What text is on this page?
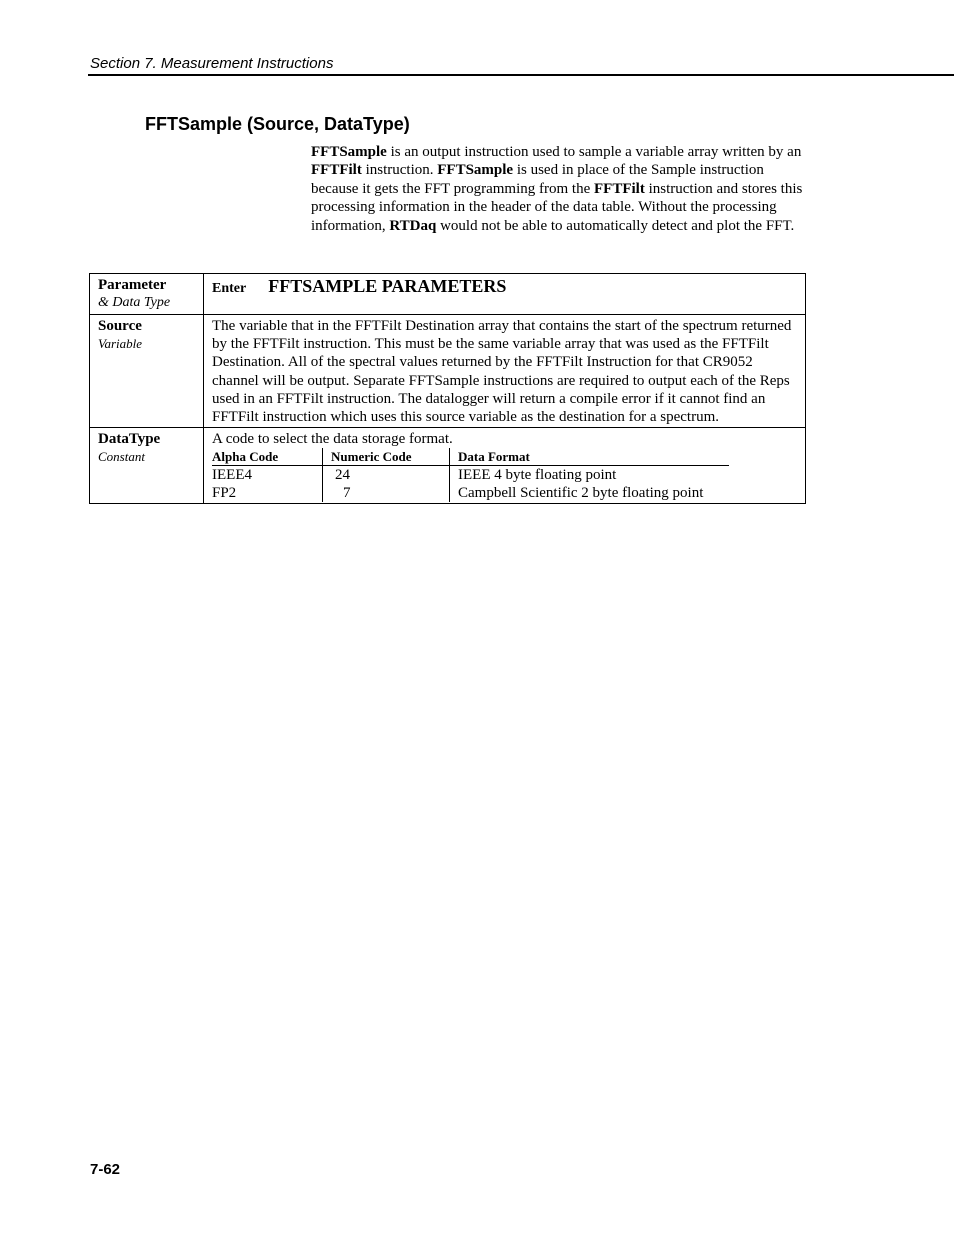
Section 7. Measurement Instructions
FFTSample (Source, DataType)

FFTSample is an output instruction used to sample a variable array written by an FFTFilt instruction. FFTSample is used in place of the Sample instruction because it gets the FFT programming from the FFTFilt instruction and stores this processing information in the header of the data table. Without the processing information, RTDaq would not be able to automatically detect and plot the FFT.

Parameter
& Data Type
	Enter FFTSAMPLE PARAMETERS

Source
Variable
	The variable that in the FFTFilt Destination array that contains the start of the spectrum returned by the FFTFilt instruction. This must be the same variable array that was used as the FFTFilt Destination. All of the spectral values returned by the FFTFilt Instruction for that CR9052 channel will be output. Separate FFTSample instructions are required to output each of the Reps used in an FFTFilt instruction. The datalogger will return a compile error if it cannot find an FFTFilt instruction which uses this source variable as the destination for a spectrum.

DataType
Constant

A code to select the data storage format.
Alpha Code	Numeric Code	Data Format
IEEE4	24	IEEE 4 byte floating point
FP2	7	Campbell Scientific 2 byte floating point
7-62
